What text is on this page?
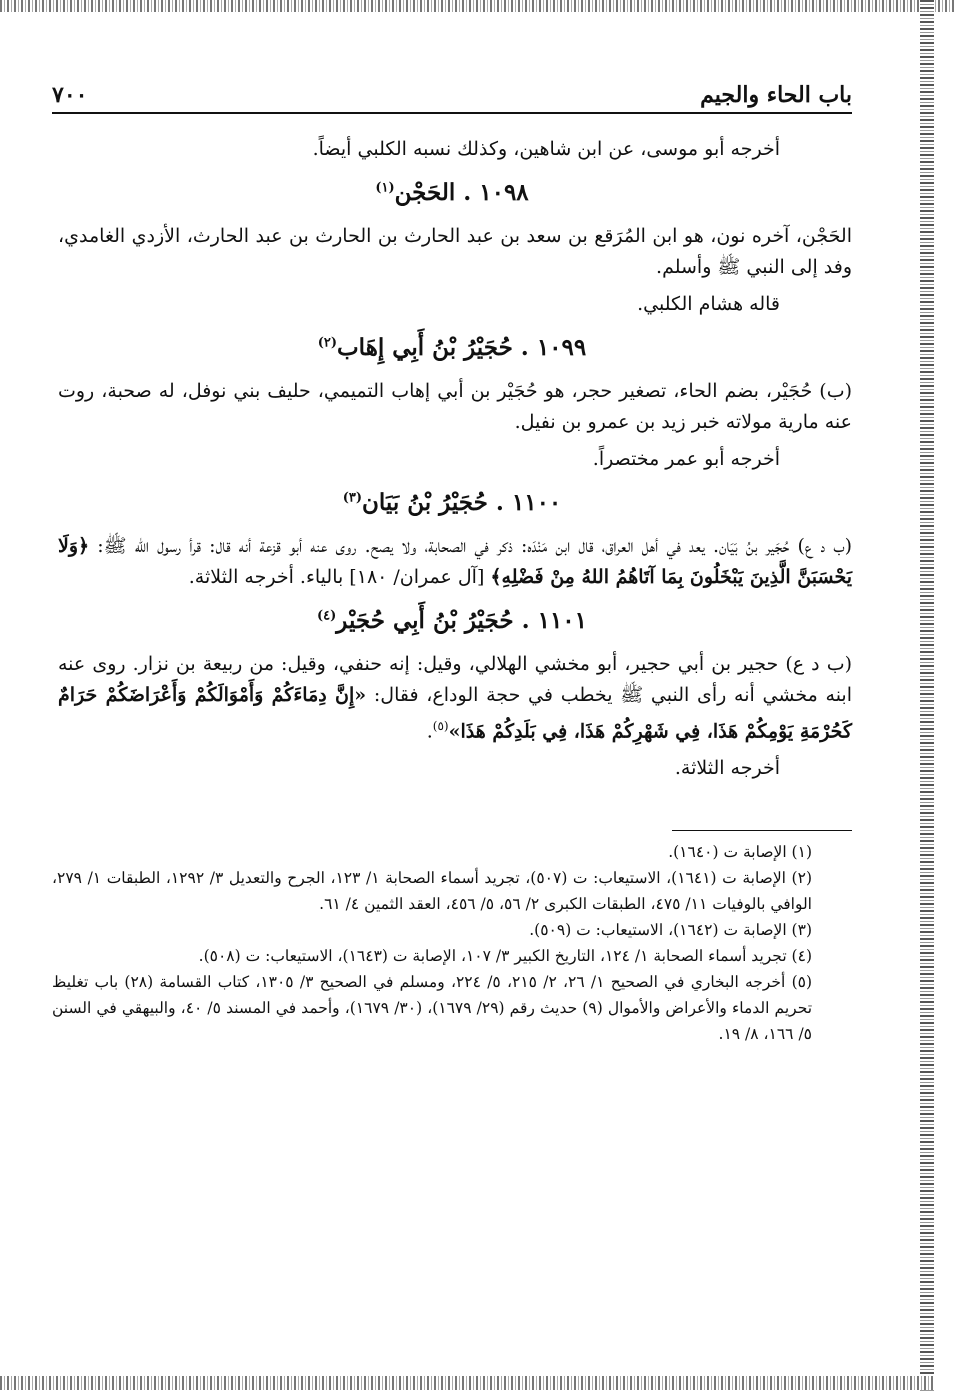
باب الحاء والجيم
٧٠٠

أخرجه أبو موسى، عن ابن شاهين، وكذلك نسبه الكلبي أيضاً.

١٠٩٨ . الحَجْن$^{(١)}$

الحَجْن، آخره نون، هو ابن المُرَقع بن سعد بن عبد الحارث بن الحارث بن عبد الحارث، الأزدي الغامدي، وفد إلى النبي ﷺ وأسلم.

قاله هشام الكلبي.

١٠٩٩ . حُجَيْرُ بْنُ أَبِي إِهَاب$^{(٢)}$

(ب) حُجَيْر، بضم الحاء، تصغير حجر، هو حُجَيْر بن أبي إهاب التميمي، حليف بني نوفل، له صحبة، روت عنه مارية مولاته خبر زيد بن عمرو بن نفيل.

أخرجه أبو عمر مختصراً.

١١٠٠ . حُجَيْرُ بْنُ بَيَان$^{(٣)}$

(ب د ع) حُجَير بنُ بَيَان. يعد في أهل العراق، قال ابن مَنْدَه: ذكر في الصحابة، ولا يصح. روى عنه أبو قزعة أنه قال: قرأ رسول الله ﷺ: ﴿وَلَا يَحْسَبَنَّ الَّذِينَ يَبْخَلُونَ بِمَا آتَاهُمُ اللهُ مِنْ فَضْلِهِ﴾ [آل عمران/ ١٨٠] بالياء. أخرجه الثلاثة.

١١٠١ . حُجَيْرُ بْنُ أَبِي حُجَيْر$^{(٤)}$

(ب د ع) حجير بن أبي حجير، أبو مخشي الهلالي، وقيل: إنه حنفي، وقيل: من ربيعة بن نزار. روى عنه ابنه مخشي أنه رأى النبي ﷺ يخطب في حجة الوداع، فقال: «إِنَّ دِمَاءَكُمْ وَأَمْوَالَكُمْ وَأَعْرَاضَكُمْ حَرَامٌ كَحُرْمَةِ يَوْمِكُمْ هَذَا، فِي شَهْرِكُمْ هَذَا، فِي بَلَدِكُمْ هَذَا»$^{(٥)}$.

أخرجه الثلاثة.

(١) الإصابة ت (١٦٤٠).

(٢) الإصابة ت (١٦٤١)، الاستيعاب: ت (٥٠٧)، تجريد أسماء الصحابة ١/ ١٢٣، الجرح والتعديل ٣/ ١٢٩٢، الطبقات ١/ ٢٧٩، الوافي بالوفيات ١١/ ٤٧٥، الطبقات الكبرى ٢/ ٥٦، ٥/ ٤٥٦، العقد الثمين ٤/ ٦١.

(٣) الإصابة ت (١٦٤٢)، الاستيعاب: ت (٥٠٩).

(٤) تجريد أسماء الصحابة ١/ ١٢٤، التاريخ الكبير ٣/ ١٠٧، الإصابة ت (١٦٤٣)، الاستيعاب: ت (٥٠٨).

(٥) أخرجه البخاري في الصحيح ١/ ٢٦، ٢/ ٢١٥، ٥/ ٢٢٤، ومسلم في الصحيح ٣/ ١٣٠٥، كتاب القسامة (٢٨) باب تغليظ تحريم الدماء والأعراض والأموال (٩) حديث رقم (٢٩/ ١٦٧٩)، (٣٠/ ١٦٧٩)، وأحمد في المسند ٥/ ٤٠، والبيهقي في السنن ٥/ ١٦٦، ٨/ ١٩.
